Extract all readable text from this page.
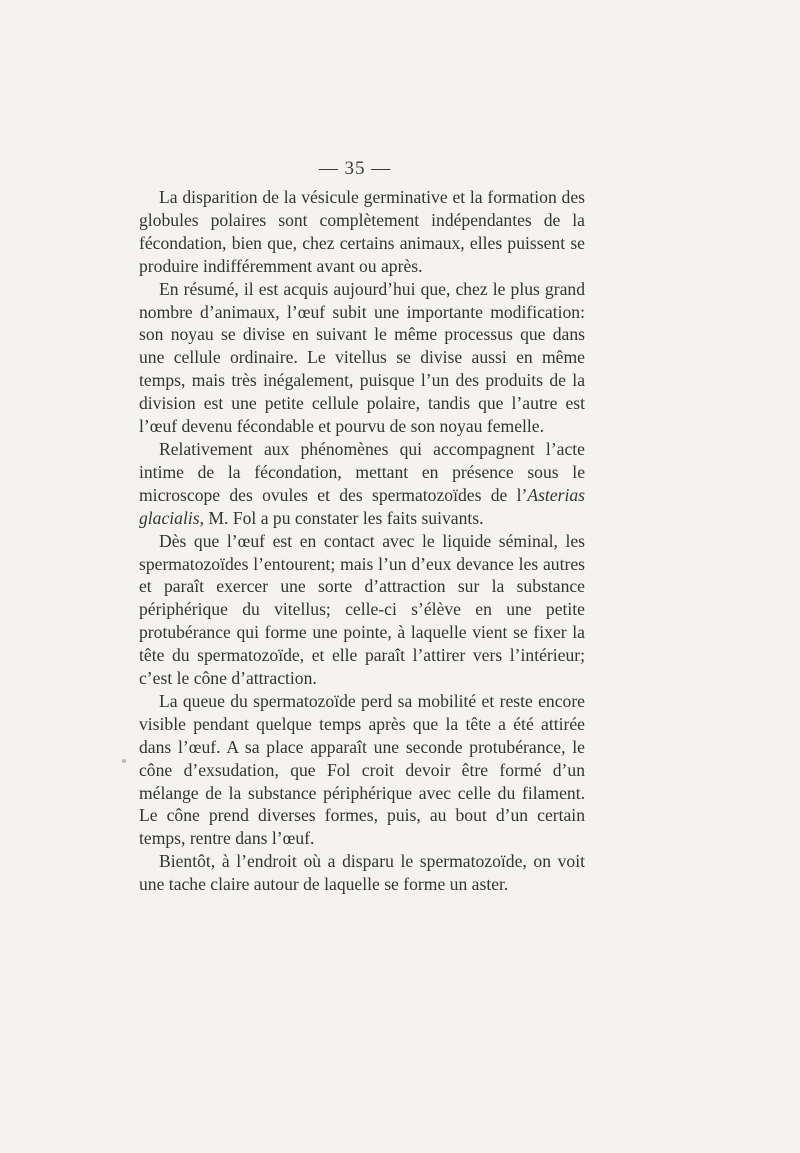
— 35 —

La disparition de la vésicule germinative et la formation des globules polaires sont complètement indépendantes de la fécondation, bien que, chez certains animaux, elles puissent se produire indifféremment avant ou après.

En résumé, il est acquis aujourd’hui que, chez le plus grand nombre d’animaux, l’œuf subit une importante modification: son noyau se divise en suivant le même processus que dans une cellule ordinaire. Le vitellus se divise aussi en même temps, mais très inégalement, puisque l’un des produits de la division est une petite cellule polaire, tandis que l’autre est l’œuf devenu fécondable et pourvu de son noyau femelle.

Relativement aux phénomènes qui accompagnent l’acte intime de la fécondation, mettant en présence sous le microscope des ovules et des spermatozoïdes de l’Asterias glacialis, M. Fol a pu constater les faits suivants.

Dès que l’œuf est en contact avec le liquide séminal, les spermatozoïdes l’entourent; mais l’un d’eux devance les autres et paraît exercer une sorte d’attraction sur la substance périphérique du vitellus; celle-ci s’élève en une petite protubérance qui forme une pointe, à laquelle vient se fixer la tête du spermatozoïde, et elle paraît l’attirer vers l’intérieur; c’est le cône d’attraction.

La queue du spermatozoïde perd sa mobilité et reste encore visible pendant quelque temps après que la tête a été attirée dans l’œuf. A sa place apparaît une seconde protubérance, le cône d’exsudation, que Fol croit devoir être formé d’un mélange de la substance périphérique avec celle du filament. Le cône prend diverses formes, puis, au bout d’un certain temps, rentre dans l’œuf.

Bientôt, à l’endroit où a disparu le spermatozoïde, on voit une tache claire autour de laquelle se forme un aster.
